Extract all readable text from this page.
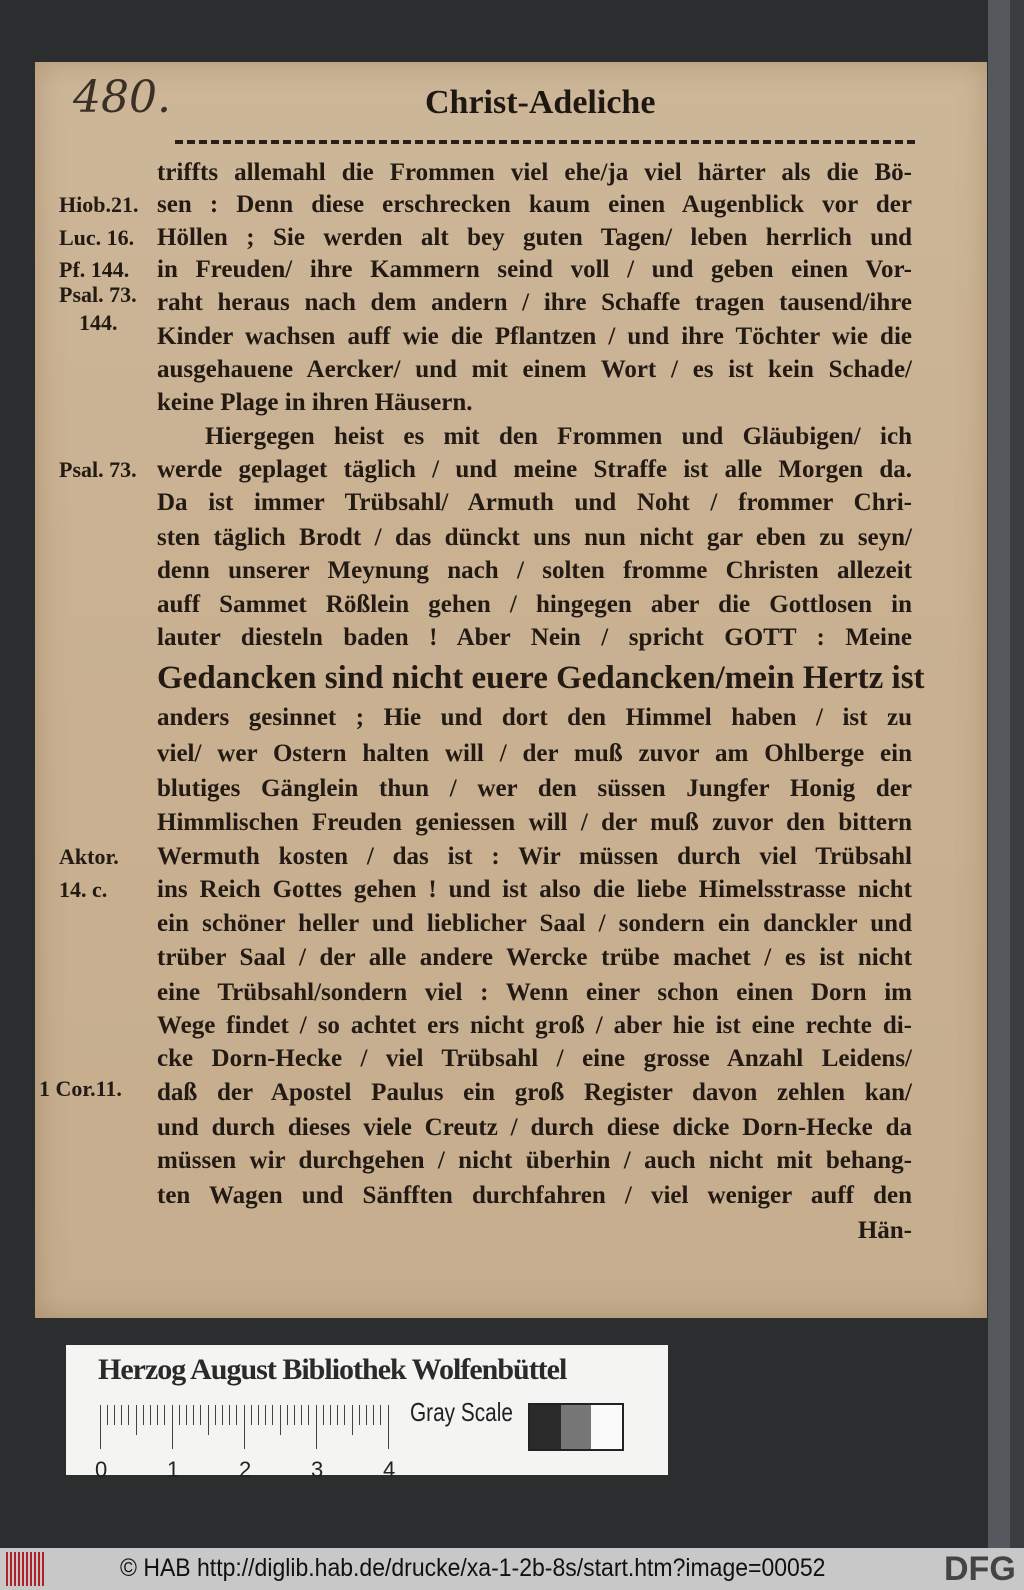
480.	Christ-Adeliche
triffts allemahl die Frommen viel ehe/ja viel härter als die Bö-
sen : Denn diese erschrecken kaum einen Augenblick vor der
Höllen ; Sie werden alt bey guten Tagen/ leben herrlich und
in Freuden/ ihre Kammern seind voll / und geben einen Vor-
raht heraus nach dem andern / ihre Schaffe tragen tausend/ihre
Kinder wachsen auff wie die Pflantzen / und ihre Töchter wie die
ausgehauene Aercker/ und mit einem Wort / es ist kein Schade/
keine Plage in ihren Häusern.
Hiergegen heist es mit den Frommen und Gläubigen/ ich
werde geplaget täglich / und meine Straffe ist alle Morgen da.
Da ist immer Trübsahl/ Armuth und Noht / frommer Chri-
sten täglich Brodt / das dünckt uns nun nicht gar eben zu seyn/
denn unserer Meynung nach / solten fromme Christen allezeit
auff Sammet Rößlein gehen / hingegen aber die Gottlosen in
lauter diesteln baden ! Aber Nein / spricht GOTT : Meine
Gedancken sind nicht euere Gedancken/mein Hertz ist
anders gesinnet ; Hie und dort den Himmel haben / ist zu
viel/ wer Ostern halten will / der muß zuvor am Ohlberge ein
blutiges Gänglein thun / wer den süssen Jungfer Honig der
Himmlischen Freuden geniessen will / der muß zuvor den bittern
Wermuth kosten / das ist : Wir müssen durch viel Trübsahl
ins Reich Gottes gehen ! und ist also die liebe Himelsstrasse nicht
ein schöner heller und lieblicher Saal / sondern ein danckler und
trüber Saal / der alle andere Wercke trübe machet / es ist nicht
eine Trübsahl/sondern viel : Wenn einer schon einen Dorn im
Wege findet / so achtet ers nicht groß / aber hie ist eine rechte di-
cke Dorn-Hecke / viel Trübsahl / eine grosse Anzahl Leidens/
daß der Apostel Paulus ein groß Register davon zehlen kan/
und durch dieses viele Creutz / durch diese dicke Dorn-Hecke da
müssen wir durchgehen / nicht überhin / auch nicht mit behang-
ten Wagen und Sänfften durchfahren / viel weniger auff den
Hän-
Hiob.21.
Luc. 16.
Pf. 144.
Psal. 73.
144.
Psal. 73.
Aktor.
14. c.
1 Cor.11.
Herzog August Bibliothek Wolfenbüttel
0	1	2	3	4
Gray Scale
© HAB http://diglib.hab.de/drucke/xa-1-2b-8s/start.htm?image=00052	DFG
